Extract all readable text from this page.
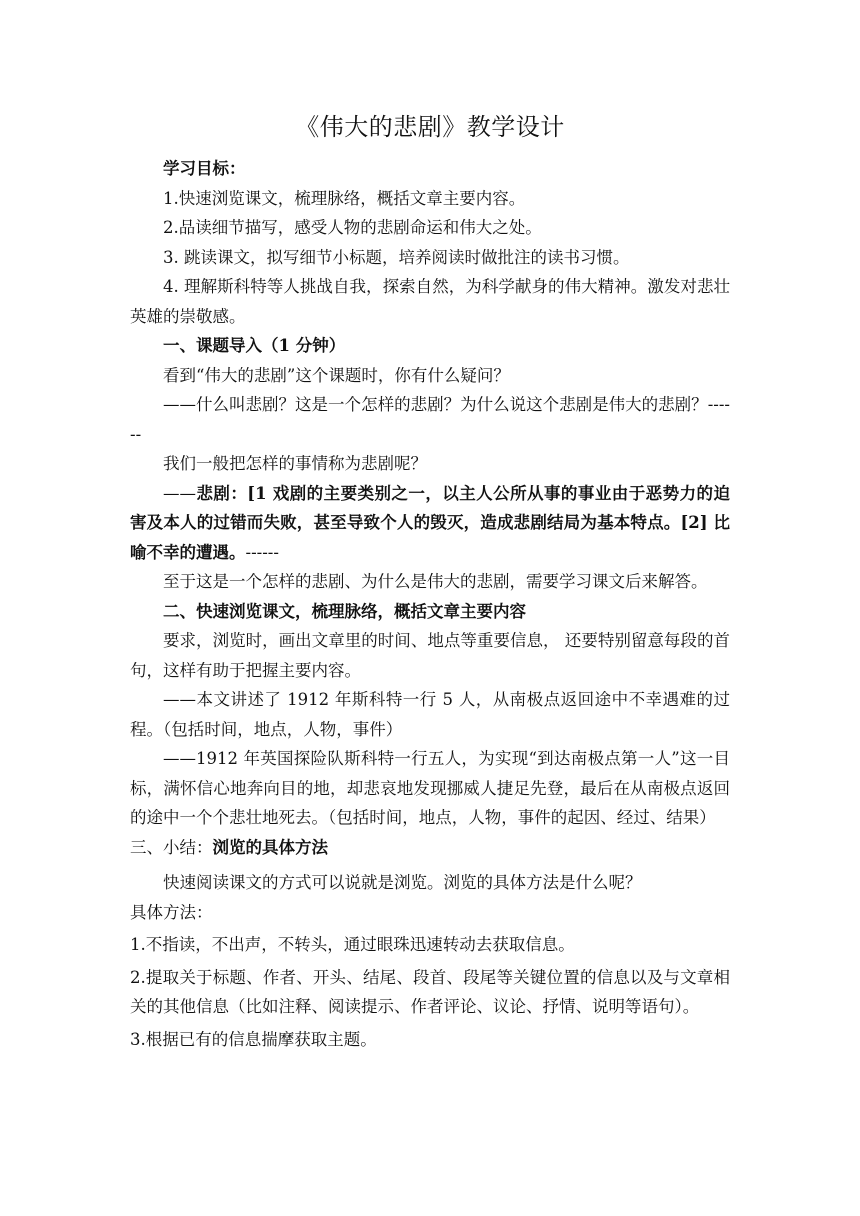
《伟大的悲剧》教学设计

学习目标：

1.快速浏览课文，梳理脉络，概括文章主要内容。

2.品读细节描写，感受人物的悲剧命运和伟大之处。

3. 跳读课文，拟写细节小标题，培养阅读时做批注的读书习惯。

4. 理解斯科特等人挑战自我，探索自然，为科学献身的伟大精神。激发对悲壮英雄的崇敬感。

一、课题导入（1 分钟）

看到“伟大的悲剧”这个课题时，你有什么疑问？

——什么叫悲剧？这是一个怎样的悲剧？为什么说这个悲剧是伟大的悲剧？------

我们一般把怎样的事情称为悲剧呢？

——悲剧：[1 戏剧的主要类别之一，以主人公所从事的事业由于恶势力的迫害及本人的过错而失败，甚至导致个人的毁灭，造成悲剧结局为基本特点。[2] 比喻不幸的遭遇。------

至于这是一个怎样的悲剧、为什么是伟大的悲剧，需要学习课文后来解答。

二、快速浏览课文，梳理脉络，概括文章主要内容

要求，浏览时，画出文章里的时间、地点等重要信息， 还要特别留意每段的首句，这样有助于把握主要内容。

——本文讲述了 1912 年斯科特一行 5 人，从南极点返回途中不幸遇难的过程。（包括时间，地点，人物，事件）

——1912 年英国探险队斯科特一行五人，为实现“到达南极点第一人”这一目标，满怀信心地奔向目的地，却悲哀地发现挪威人捷足先登，最后在从南极点返回的途中一个个悲壮地死去。（包括时间，地点，人物，事件的起因、经过、结果）

三、小结：浏览的具体方法

快速阅读课文的方式可以说就是浏览。浏览的具体方法是什么呢？

具体方法：

1.不指读，不出声，不转头，通过眼珠迅速转动去获取信息。

2.提取关于标题、作者、开头、结尾、段首、段尾等关键位置的信息以及与文章相关的其他信息（比如注释、阅读提示、作者评论、议论、抒情、说明等语句）。

3.根据已有的信息揣摩获取主题。
